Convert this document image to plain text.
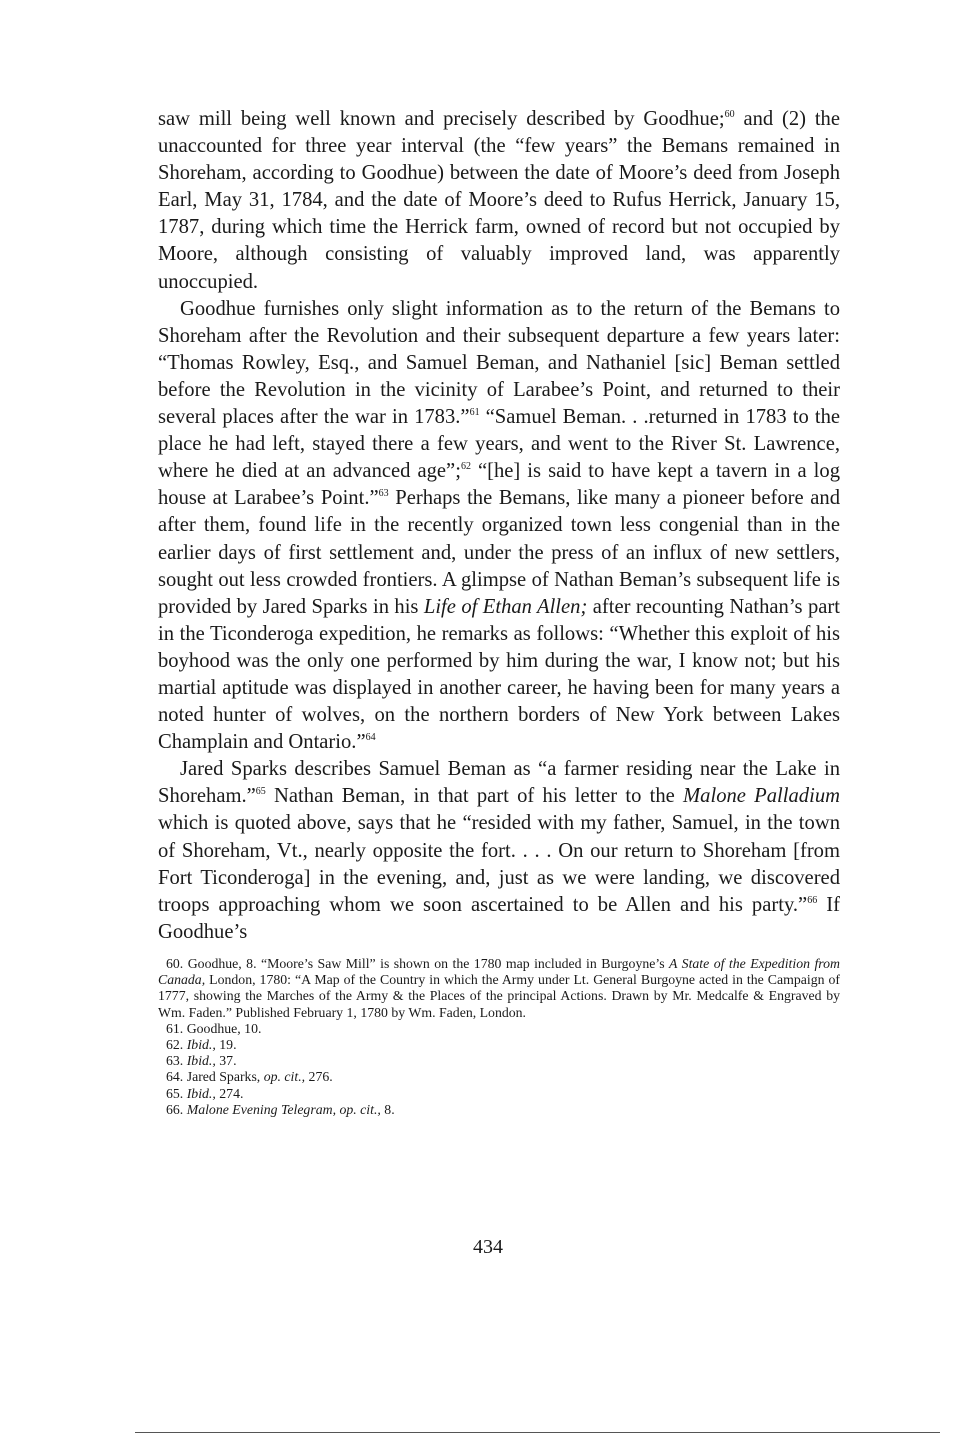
saw mill being well known and precisely described by Goodhue;$^{60}$ and (2) the unaccounted for three year interval (the “few years” the Bemans remained in Shoreham, according to Goodhue) between the date of Moore’s deed from Joseph Earl, May 31, 1784, and the date of Moore’s deed to Rufus Herrick, January 15, 1787, during which time the Herrick farm, owned of record but not occupied by Moore, although consisting of valuably improved land, was apparently unoccupied.

Goodhue furnishes only slight information as to the return of the Bemans to Shoreham after the Revolution and their subsequent departure a few years later: “Thomas Rowley, Esq., and Samuel Beman, and Nathaniel [sic] Beman settled before the Revolution in the vicinity of Larabee’s Point, and returned to their several places after the war in 1783.”$^{61}$ “Samuel Beman. . .returned in 1783 to the place he had left, stayed there a few years, and went to the River St. Lawrence, where he died at an advanced age”;$^{62}$ “[he] is said to have kept a tavern in a log house at Larabee’s Point.”$^{63}$ Perhaps the Bemans, like many a pioneer before and after them, found life in the recently organized town less congenial than in the earlier days of first settlement and, under the press of an influx of new settlers, sought out less crowded frontiers. A glimpse of Nathan Beman’s subsequent life is provided by Jared Sparks in his Life of Ethan Allen; after recounting Nathan’s part in the Ticonderoga expedition, he remarks as follows: “Whether this exploit of his boyhood was the only one performed by him during the war, I know not; but his martial aptitude was displayed in another career, he having been for many years a noted hunter of wolves, on the northern borders of New York between Lakes Champlain and Ontario.”$^{64}$

Jared Sparks describes Samuel Beman as “a farmer residing near the Lake in Shoreham.”$^{65}$ Nathan Beman, in that part of his letter to the Malone Palladium which is quoted above, says that he “resided with my father, Samuel, in the town of Shoreham, Vt., nearly opposite the fort. . . . On our return to Shoreham [from Fort Ticonderoga] in the evening, and, just as we were landing, we discovered troops approaching whom we soon ascertained to be Allen and his party.”$^{66}$ If Goodhue’s

60. Goodhue, 8. “Moore’s Saw Mill” is shown on the 1780 map included in Burgoyne’s A State of the Expedition from Canada, London, 1780: “A Map of the Country in which the Army under Lt. General Burgoyne acted in the Campaign of 1777, showing the Marches of the Army & the Places of the principal Actions. Drawn by Mr. Medcalfe & Engraved by Wm. Faden.” Published February 1, 1780 by Wm. Faden, London.

61. Goodhue, 10.

62. Ibid., 19.

63. Ibid., 37.

64. Jared Sparks, op. cit., 276.

65. Ibid., 274.

66. Malone Evening Telegram, op. cit., 8.

434
